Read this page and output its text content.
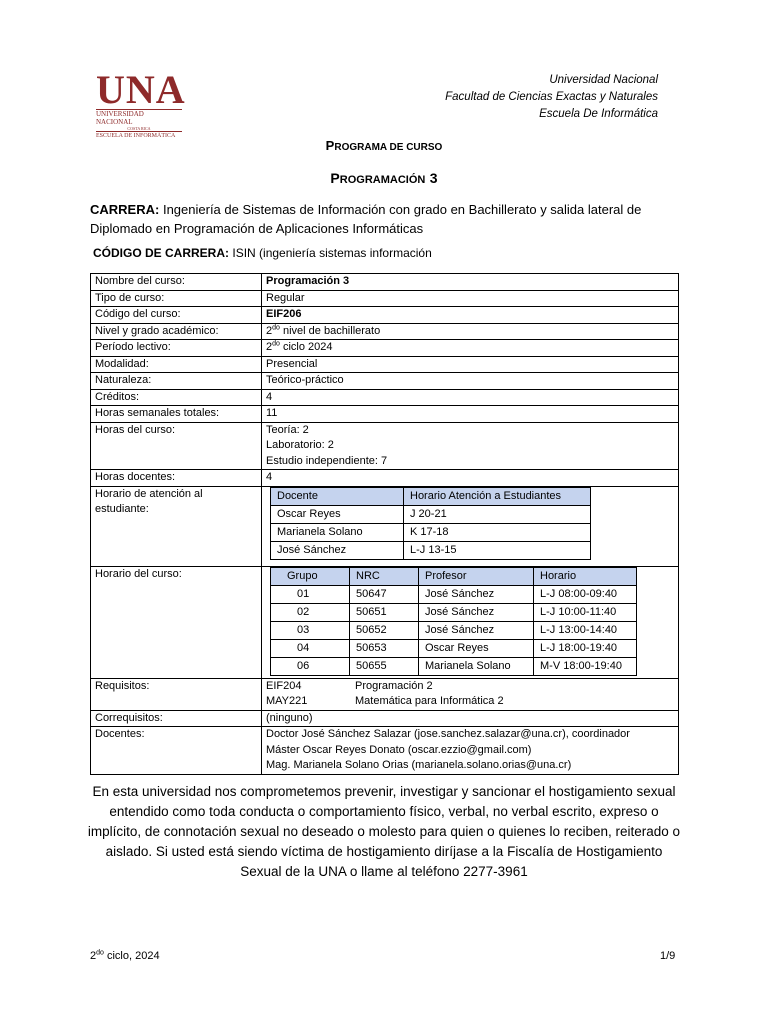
UNA
UNIVERSIDAD NACIONAL
COSTA RICA
ESCUELA DE INFORMÁTICA
Universidad Nacional
Facultad de Ciencias Exactas y Naturales
Escuela De Informática
PROGRAMA DE CURSO
PROGRAMACIÓN 3
CARRERA: Ingeniería de Sistemas de Información con grado en Bachillerato y salida lateral de Diplomado en Programación de Aplicaciones Informáticas
CÓDIGO DE CARRERA: ISIN (ingeniería sistemas información
Nombre del curso:	Programación 3
Tipo de curso:	Regular
Código del curso:	EIF206
Nivel y grado académico:	$2^{do}$ nivel de bachillerato
Período lectivo:	$2^{do}$ ciclo 2024
Modalidad:	Presencial
Naturaleza:	Teórico-práctico
Créditos:	4
Horas semanales totales:	11
Horas del curso:	Teoría: 2
Laboratorio: 2
Estudio independiente: 7

Horas docentes:	4
Horario de atención al estudiante:	
Docente	Horario Atención a Estudiantes
Oscar Reyes	J 20-21
Marianela Solano	K 17-18
José Sánchez	L-J 13-15

Horario del curso:		Grupo	NRC	Profesor	Horario
01	50647	José Sánchez	L-J 08:00-09:40
02	50651	José Sánchez	L-J 10:00-11:40
03	50652	José Sánchez	L-J 13:00-14:40
04	50653	Oscar Reyes	L-J 18:00-19:40
06	50655	Marianela Solano	M-V 18:00-19:40

Requisitos:	EIF204	Programación 2
MAY221	Matemática para Informática 2

Correquisitos:	(ninguno)
Docentes:	Doctor José Sánchez Salazar (jose.sanchez.salazar@una.cr), coordinador
Máster Oscar Reyes Donato (oscar.ezzio@gmail.com)
Mag. Marianela Solano Orias (marianela.solano.orias@una.cr)
En esta universidad nos comprometemos prevenir, investigar y sancionar el hostigamiento sexual entendido como toda conducta o comportamiento físico, verbal, no verbal escrito, expreso o implícito, de connotación sexual no deseado o molesto para quien o quienes lo reciben, reiterado o aislado. Si usted está siendo víctima de hostigamiento diríjase a la Fiscalía de Hostigamiento Sexual de la UNA o llame al teléfono 2277-3961
$2^{do}$ ciclo, 2024	1/9
